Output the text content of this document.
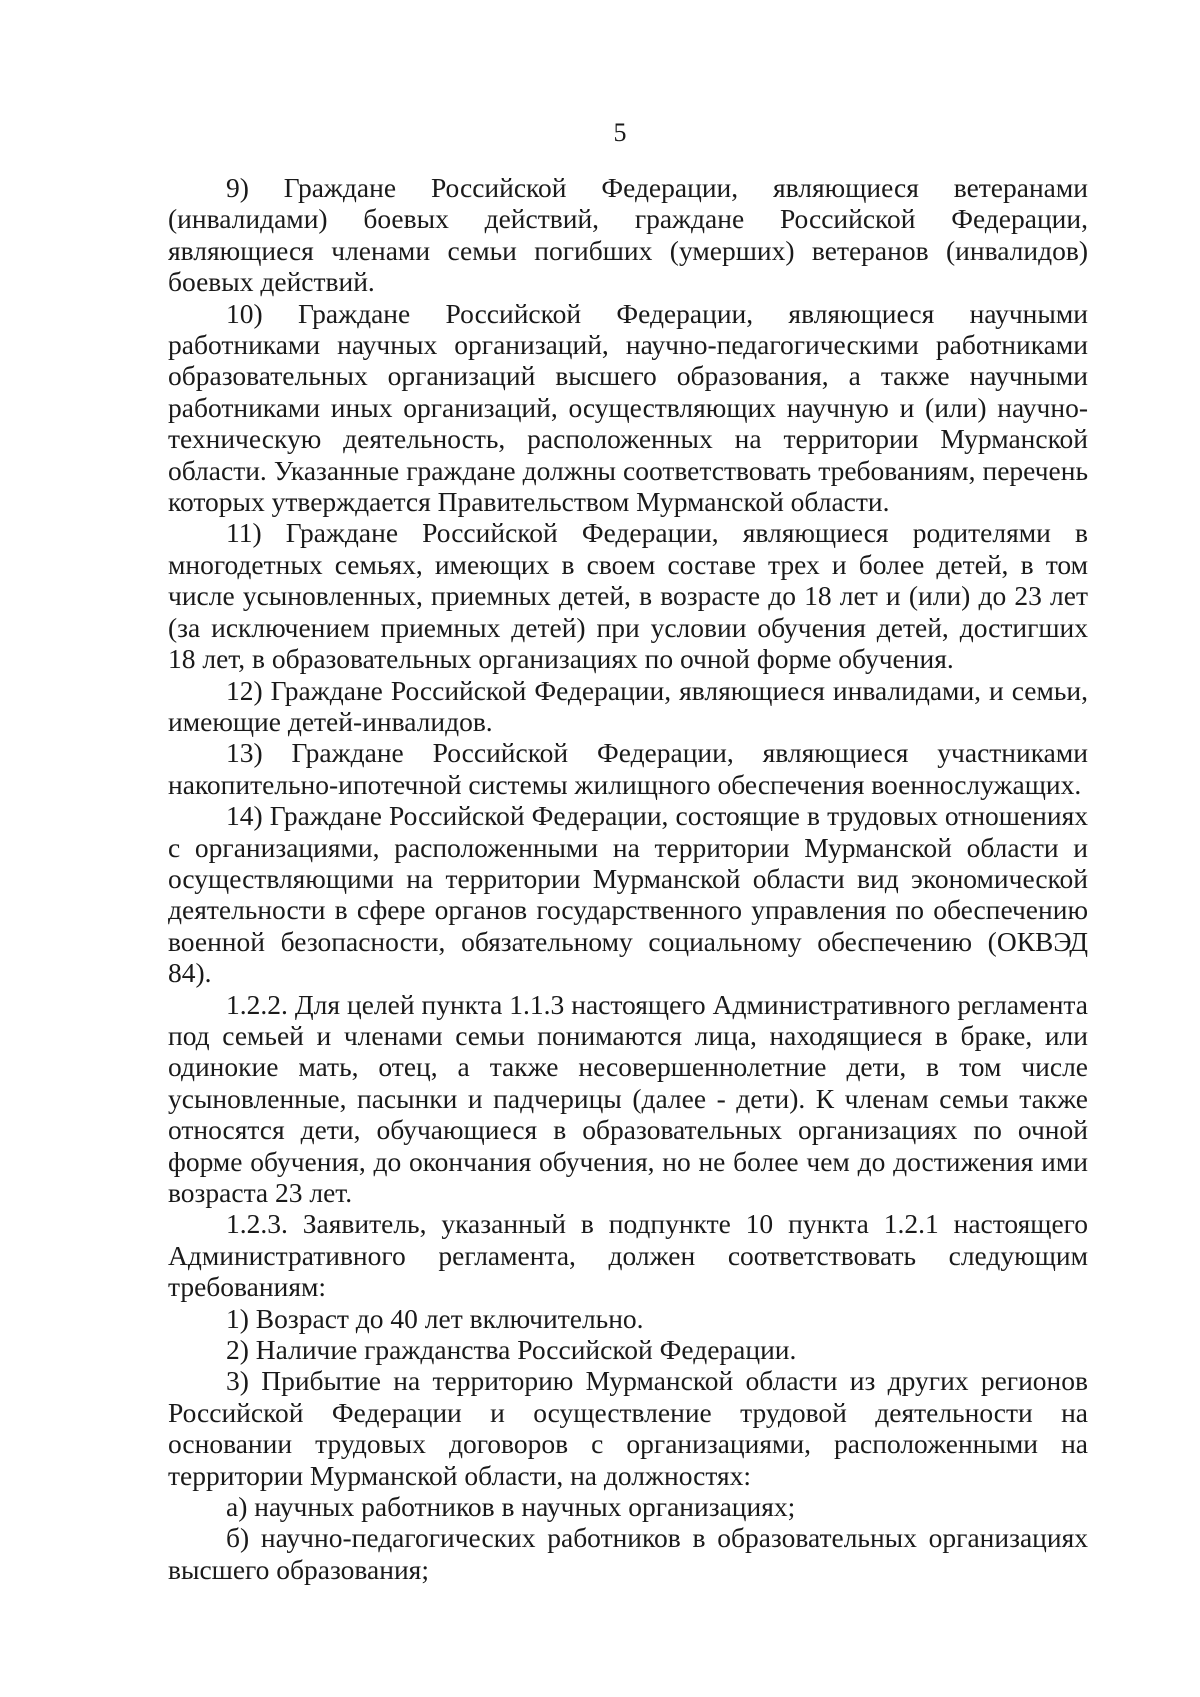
5

9) Граждане Российской Федерации, являющиеся ветеранами (инвалидами) боевых действий, граждане Российской Федерации, являющиеся членами семьи погибших (умерших) ветеранов (инвалидов) боевых действий.

10) Граждане Российской Федерации, являющиеся научными работниками научных организаций, научно-педагогическими работниками образовательных организаций высшего образования, а также научными работниками иных организаций, осуществляющих научную и (или) научно-техническую деятельность, расположенных на территории Мурманской области. Указанные граждане должны соответствовать требованиям, перечень которых утверждается Правительством Мурманской области.

11) Граждане Российской Федерации, являющиеся родителями в многодетных семьях, имеющих в своем составе трех и более детей, в том числе усыновленных, приемных детей, в возрасте до 18 лет и (или) до 23 лет (за исключением приемных детей) при условии обучения детей, достигших 18 лет, в образовательных организациях по очной форме обучения.

12) Граждане Российской Федерации, являющиеся инвалидами, и семьи, имеющие детей-инвалидов.

13) Граждане Российской Федерации, являющиеся участниками накопительно-ипотечной системы жилищного обеспечения военнослужащих.

14) Граждане Российской Федерации, состоящие в трудовых отношениях с организациями, расположенными на территории Мурманской области и осуществляющими на территории Мурманской области вид экономической деятельности в сфере органов государственного управления по обеспечению военной безопасности, обязательному социальному обеспечению (ОКВЭД 84).

1.2.2. Для целей пункта 1.1.3 настоящего Административного регламента под семьей и членами семьи понимаются лица, находящиеся в браке, или одинокие мать, отец, а также несовершеннолетние дети, в том числе усыновленные, пасынки и падчерицы (далее - дети). К членам семьи также относятся дети, обучающиеся в образовательных организациях по очной форме обучения, до окончания обучения, но не более чем до достижения ими возраста 23 лет.

1.2.3. Заявитель, указанный в подпункте 10 пункта 1.2.1 настоящего Административного регламента, должен соответствовать следующим требованиям:

1) Возраст до 40 лет включительно.

2) Наличие гражданства Российской Федерации.

3) Прибытие на территорию Мурманской области из других регионов Российской Федерации и осуществление трудовой деятельности на основании трудовых договоров с организациями, расположенными на территории Мурманской области, на должностях:

а) научных работников в научных организациях;

б) научно-педагогических работников в образовательных организациях высшего образования;
